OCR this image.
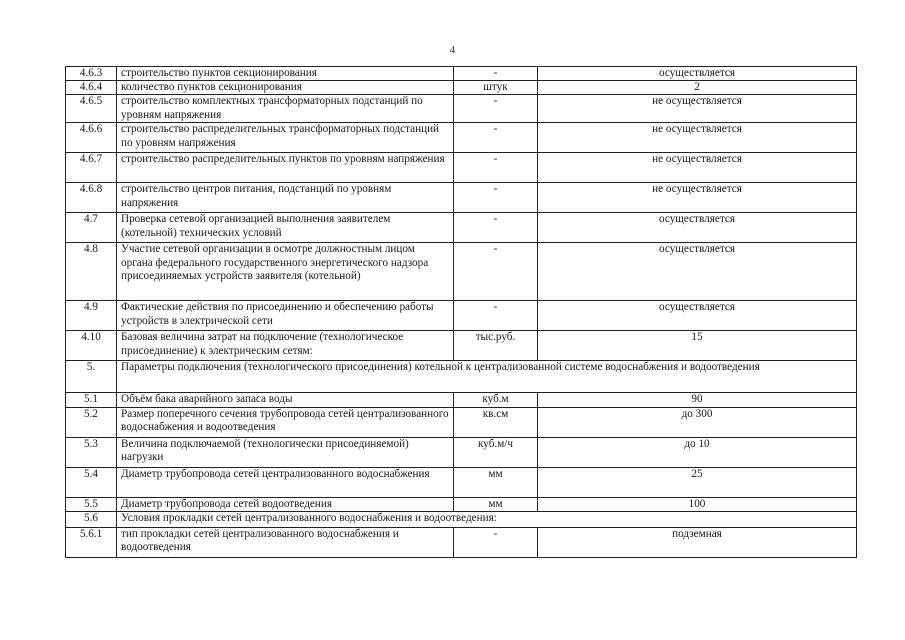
4
4.6.3	строительство пунктов секционирования	-	осуществляется
4.6.4	количество пунктов секционирования	штук	2
4.6.5	строительство комплектных трансформаторных подстанций по уровням напряжения	-	не осуществляется
4.6.6	строительство распределительных трансформаторных подстанций по уровням напряжения	-	не осуществляется
4.6.7	строительство распределительных пунктов по уровням напряжения	-	не осуществляется
4.6.8	строительство центров питания, подстанций по уровням напряжения	-	не осуществляется
4.7	Проверка сетевой организацией выполнения заявителем (котельной) технических условий	-	осуществляется
4.8	Участие сетевой организации в осмотре должностным лицом органа федерального государственного энергетического надзора присоединяемых устройств заявителя (котельной)	-	осуществляется
4.9	Фактические действия по присоединению и обеспечению работы устройств в электрической сети	-	осуществляется
4.10	Базовая величина затрат на подключение (технологическое присоединение) к электрическим сетям:	тыс.руб.	15
5.	Параметры подключения (технологического присоединения) котельной к централизованной системе водоснабжения и водоотведения		
5.1	Объём бака аварийного запаса воды	куб.м	90
5.2	Размер поперечного сечения трубопровода сетей централизованного водоснабжения и водоотведения	кв.см	до 300
5.3	Величина подключаемой (технологически присоединяемой) нагрузки	куб.м/ч	до 10
5.4	Диаметр трубопровода сетей централизованного водоснабжения	мм	25
5.5	Диаметр трубопровода сетей водоотведения	мм	100
5.6	Условия прокладки сетей централизованного водоснабжения и водоотведения:		
5.6.1	тип прокладки сетей централизованного водоснабжения и водоотведения	-	подземная
